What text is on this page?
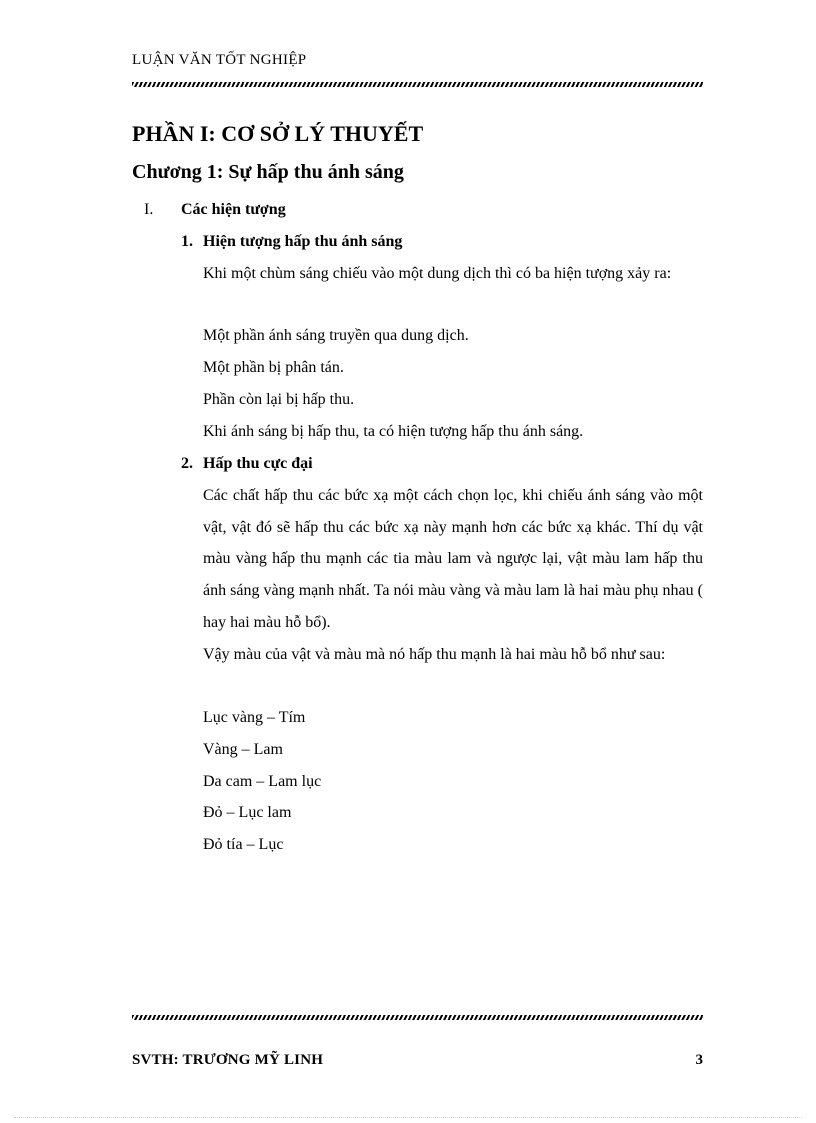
LUẬN VĂN TỐT NGHIỆP
PHẦN I: CƠ SỞ LÝ THUYẾT
Chương 1: Sự hấp thu ánh sáng
I. Các hiện tượng
1. Hiện tượng hấp thu ánh sáng

Khi một chùm sáng chiếu vào một dung dịch thì có ba hiện tượng xảy ra:

Một phần ánh sáng truyền qua dung dịch.
Một phần bị phân tán.
Phần còn lại bị hấp thu.
Khi ánh sáng bị hấp thu, ta có hiện tượng hấp thu ánh sáng.
2. Hấp thu cực đại

Các chất hấp thu các bức xạ một cách chọn lọc, khi chiếu ánh sáng vào một vật, vật đó sẽ hấp thu các bức xạ này mạnh hơn các bức xạ khác. Thí dụ vật màu vàng hấp thu mạnh các tia màu lam và ngược lại, vật màu lam hấp thu ánh sáng vàng mạnh nhất. Ta nói màu vàng và màu lam là hai màu phụ nhau ( hay hai màu hỗ bổ).

Vậy màu của vật và màu mà nó hấp thu mạnh là hai màu hỗ bổ như sau:

Lục vàng – Tím
Vàng – Lam
Da cam – Lam lục
Đỏ – Lục lam
Đỏ tía – Lục
SVTH: TRƯƠNG MỸ LINH	3
